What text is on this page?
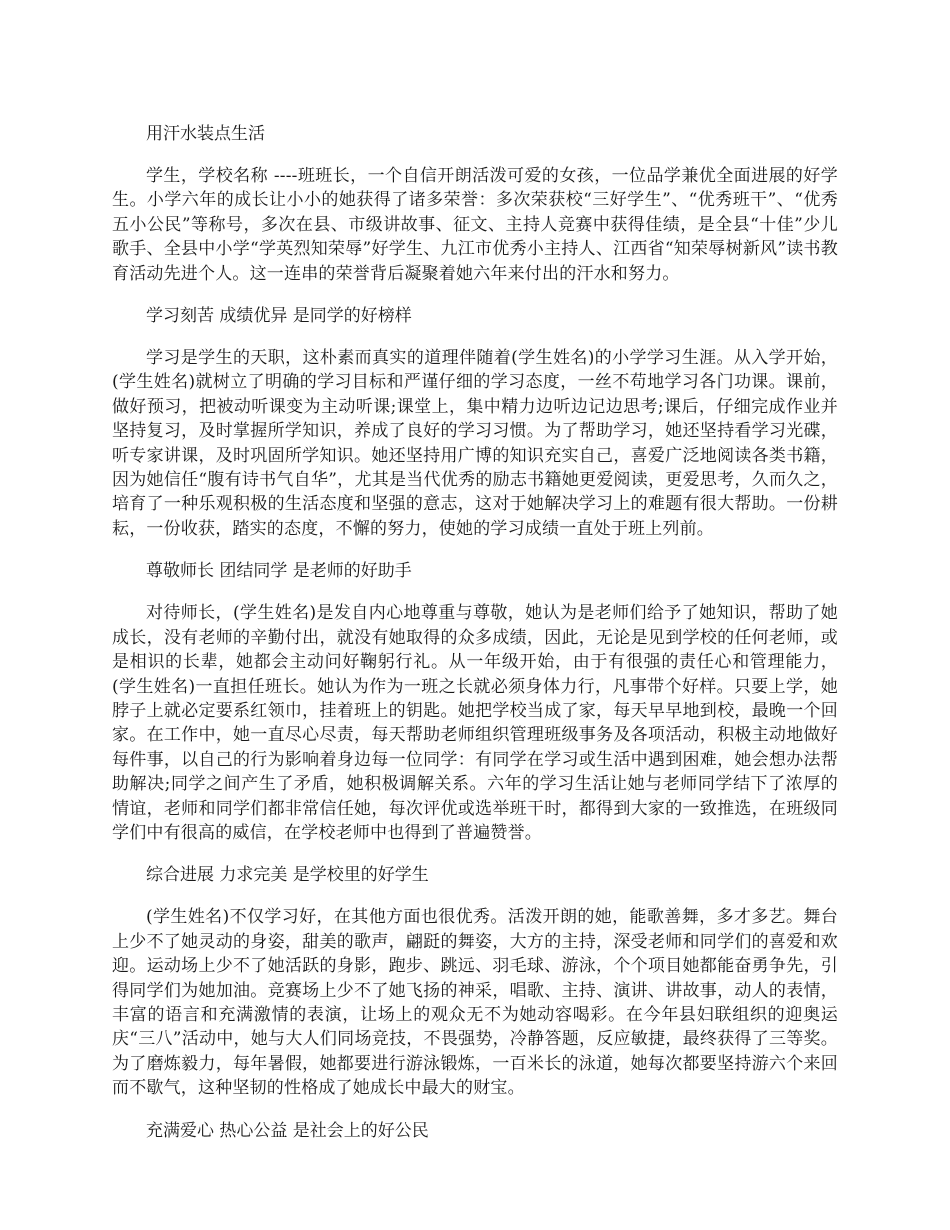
用汗水装点生活

学生，学校名称 ----班班长，一个自信开朗活泼可爱的女孩，一位品学兼优全面进展的好学生。小学六年的成长让小小的她获得了诸多荣誉：多次荣获校“三好学生”、“优秀班干”、“优秀五小公民”等称号，多次在县、市级讲故事、征文、主持人竞赛中获得佳绩，是全县“十佳”少儿歌手、全县中小学“学英烈知荣辱”好学生、九江市优秀小主持人、江西省“知荣辱树新风”读书教育活动先进个人。这一连串的荣誉背后凝聚着她六年来付出的汗水和努力。

学习刻苦 成绩优异 是同学的好榜样

学习是学生的天职，这朴素而真实的道理伴随着(学生姓名)的小学学习生涯。从入学开始，(学生姓名)就树立了明确的学习目标和严谨仔细的学习态度，一丝不苟地学习各门功课。课前，做好预习，把被动听课变为主动听课;课堂上，集中精力边听边记边思考;课后，仔细完成作业并坚持复习，及时掌握所学知识，养成了良好的学习习惯。为了帮助学习，她还坚持看学习光碟，听专家讲课，及时巩固所学知识。她还坚持用广博的知识充实自己，喜爱广泛地阅读各类书籍，因为她信任“腹有诗书气自华”，尤其是当代优秀的励志书籍她更爱阅读，更爱思考，久而久之，培育了一种乐观积极的生活态度和坚强的意志，这对于她解决学习上的难题有很大帮助。一份耕耘，一份收获，踏实的态度，不懈的努力，使她的学习成绩一直处于班上列前。

尊敬师长 团结同学 是老师的好助手

对待师长，(学生姓名)是发自内心地尊重与尊敬，她认为是老师们给予了她知识，帮助了她成长，没有老师的辛勤付出，就没有她取得的众多成绩，因此，无论是见到学校的任何老师，或是相识的长辈，她都会主动问好鞠躬行礼。从一年级开始，由于有很强的责任心和管理能力，(学生姓名)一直担任班长。她认为作为一班之长就必须身体力行，凡事带个好样。只要上学，她脖子上就必定要系红领巾，挂着班上的钥匙。她把学校当成了家，每天早早地到校，最晚一个回家。在工作中，她一直尽心尽责，每天帮助老师组织管理班级事务及各项活动，积极主动地做好每件事，以自己的行为影响着身边每一位同学：有同学在学习或生活中遇到困难，她会想办法帮助解决;同学之间产生了矛盾，她积极调解关系。六年的学习生活让她与老师同学结下了浓厚的情谊，老师和同学们都非常信任她，每次评优或选举班干时，都得到大家的一致推选，在班级同学们中有很高的威信，在学校老师中也得到了普遍赞誉。

综合进展 力求完美 是学校里的好学生

(学生姓名)不仅学习好，在其他方面也很优秀。活泼开朗的她，能歌善舞，多才多艺。舞台上少不了她灵动的身姿，甜美的歌声，翩跹的舞姿，大方的主持，深受老师和同学们的喜爱和欢迎。运动场上少不了她活跃的身影，跑步、跳远、羽毛球、游泳，个个项目她都能奋勇争先，引得同学们为她加油。竞赛场上少不了她飞扬的神采，唱歌、主持、演讲、讲故事，动人的表情，丰富的语言和充满激情的表演，让场上的观众无不为她动容喝彩。在今年县妇联组织的迎奥运庆“三八”活动中，她与大人们同场竞技，不畏强势，冷静答题，反应敏捷，最终获得了三等奖。为了磨炼毅力，每年暑假，她都要进行游泳锻炼，一百米长的泳道，她每次都要坚持游六个来回而不歇气，这种坚韧的性格成了她成长中最大的财宝。

充满爱心 热心公益 是社会上的好公民
